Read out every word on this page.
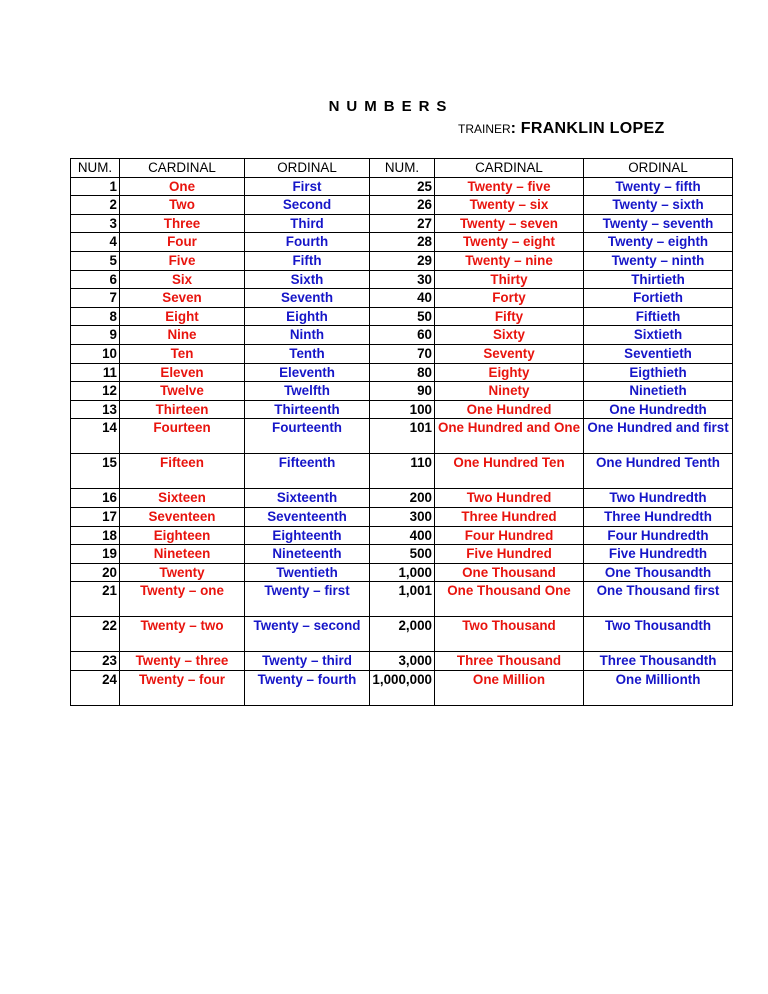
NUMBERS
TRAINER: FRANKLIN LOPEZ
NUM.	CARDINAL	ORDINAL	NUM.	CARDINAL	ORDINAL
1	One	First	25	Twenty – five	Twenty – fifth
2	Two	Second	26	Twenty – six	Twenty – sixth
3	Three	Third	27	Twenty – seven	Twenty – seventh
4	Four	Fourth	28	Twenty – eight	Twenty – eighth
5	Five	Fifth	29	Twenty – nine	Twenty – ninth
6	Six	Sixth	30	Thirty	Thirtieth
7	Seven	Seventh	40	Forty	Fortieth
8	Eight	Eighth	50	Fifty	Fiftieth
9	Nine	Ninth	60	Sixty	Sixtieth
10	Ten	Tenth	70	Seventy	Seventieth
11	Eleven	Eleventh	80	Eighty	Eigthieth
12	Twelve	Twelfth	90	Ninety	Ninetieth
13	Thirteen	Thirteenth	100	One Hundred	One Hundredth
14	Fourteen	Fourteenth	101	One Hundred and One	One Hundred and first
15	Fifteen	Fifteenth	110	One Hundred Ten	One Hundred Tenth
16	Sixteen	Sixteenth	200	Two Hundred	Two Hundredth
17	Seventeen	Seventeenth	300	Three Hundred	Three Hundredth
18	Eighteen	Eighteenth	400	Four Hundred	Four Hundredth
19	Nineteen	Nineteenth	500	Five Hundred	Five Hundredth
20	Twenty	Twentieth	1,000	One Thousand	One Thousandth
21	Twenty – one	Twenty – first	1,001	One Thousand One	One Thousand first
22	Twenty – two	Twenty – second	2,000	Two Thousand	Two Thousandth
23	Twenty – three	Twenty – third	3,000	Three Thousand	Three Thousandth
24	Twenty – four	Twenty – fourth	1,000,000	One Million	One Millionth
